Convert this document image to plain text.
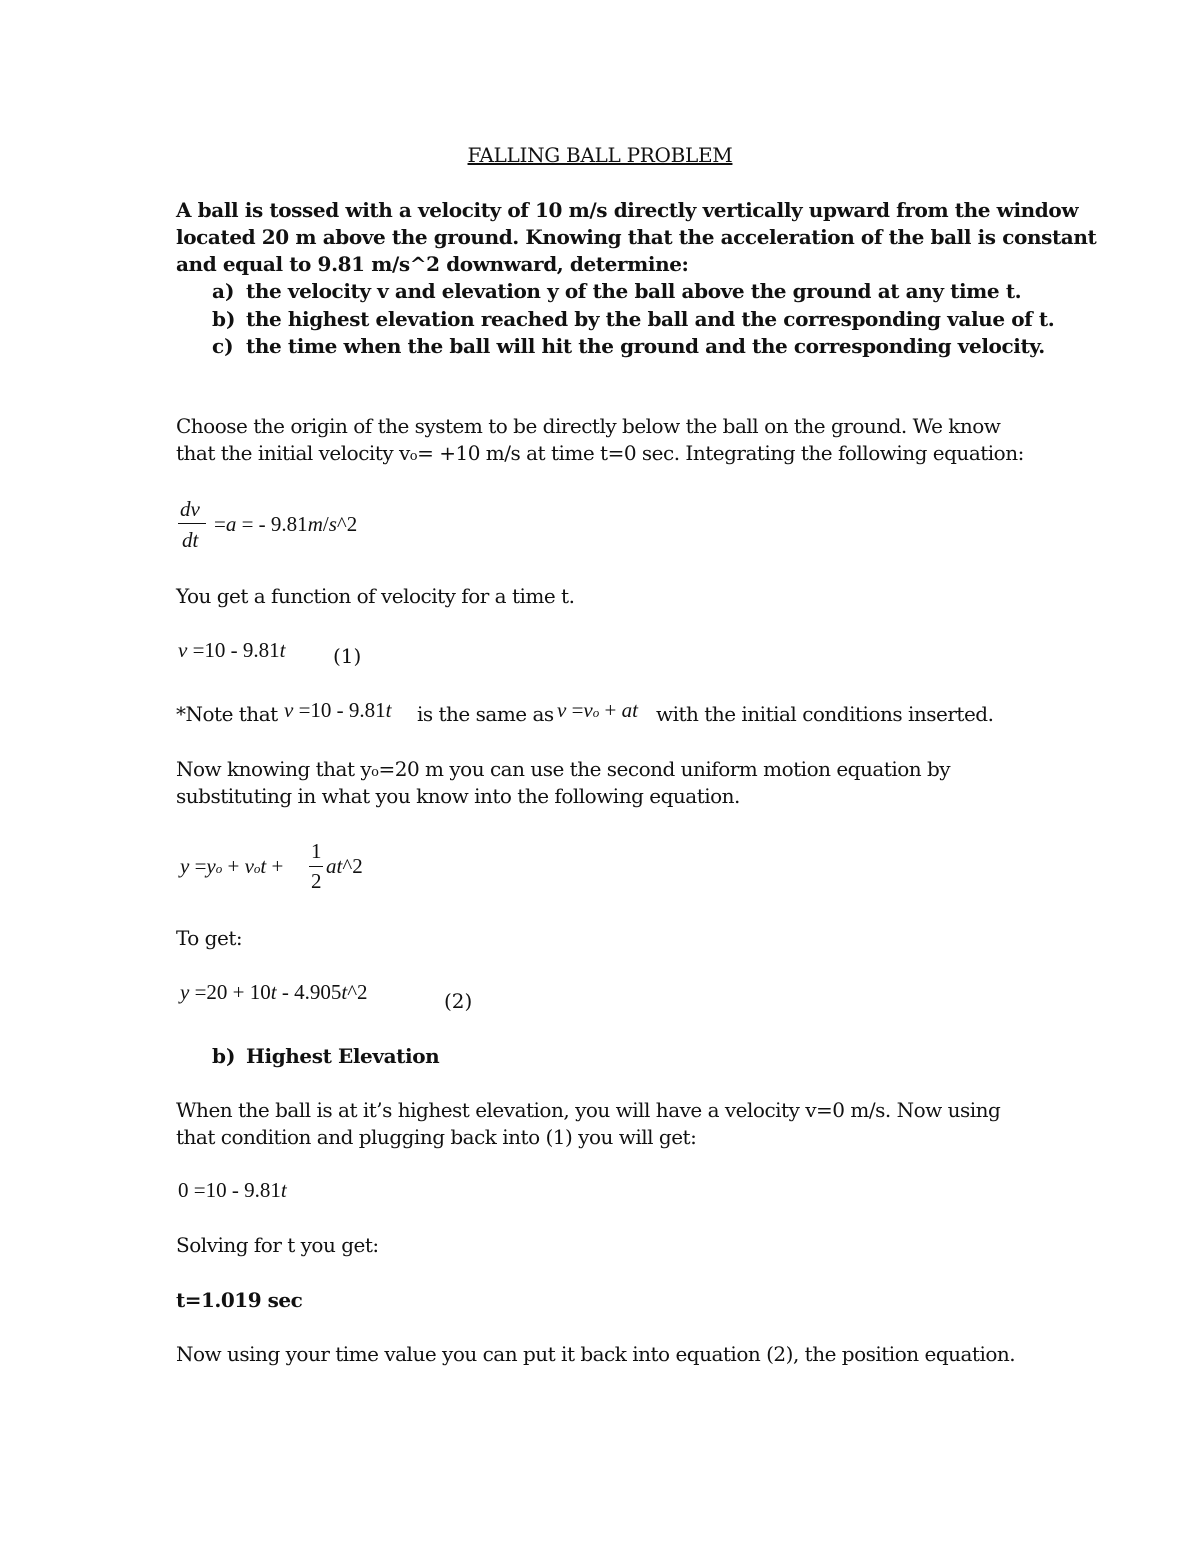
FALLING BALL PROBLEM
A ball is tossed with a velocity of 10 m/s directly vertically upward from the window
located 20 m above the ground. Knowing that the acceleration of the ball is constant
and equal to 9.81 m/s^2 downward, determine:
a) the velocity v and elevation y of the ball above the ground at any time t.
b) the highest elevation reached by the ball and the corresponding value of t.
c) the time when the ball will hit the ground and the corresponding velocity.
Choose the origin of the system to be directly below the ball on the ground. We know
that the initial velocity vo= +10 m/s at time t=0 sec. Integrating the following equation:
dv
dt
=a = - 9.81m/s^2
You get a function of velocity for a time t.
v =10 - 9.81t (1)
*Note that v =10 - 9.81t is the same as v =vo + at with the initial conditions inserted.
Now knowing that yo=20 m you can use the second uniform motion equation by
substituting in what you know into the following equation.
y =yo + vot +
1
2
at^2
To get:
y =20 + 10t - 4.905t^2	(2)
b) Highest Elevation
When the ball is at it’s highest elevation, you will have a velocity v=0 m/s. Now using
that condition and plugging back into (1) you will get:
0 =10 - 9.81t
Solving for t you get:
t=1.019 sec
Now using your time value you can put it back into equation (2), the position equation.
